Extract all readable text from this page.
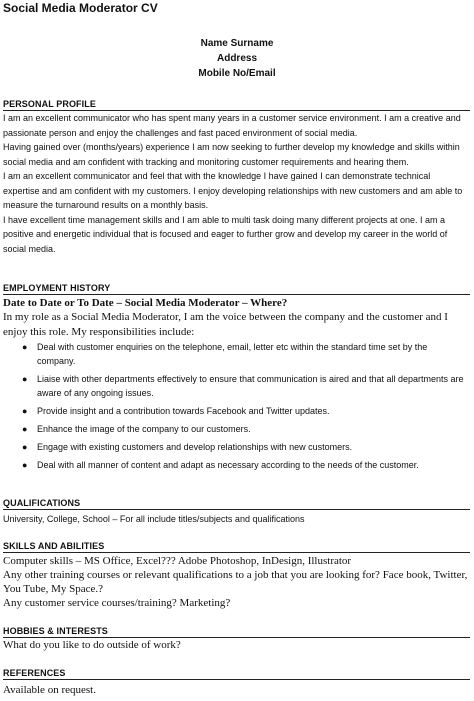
Social Media Moderator CV
Name Surname
Address
Mobile No/Email
PERSONAL PROFILE

I am an excellent communicator who has spent many years in a customer service environment. I am a creative and passionate person and enjoy the challenges and fast paced environment of social media.

Having gained over (months/years) experience I am now seeking to further develop my knowledge and skills within social media and am confident with tracking and monitoring customer requirements and hearing them.

I am an excellent communicator and feel that with the knowledge I have gained I can demonstrate technical expertise and am confident with my customers. I enjoy developing relationships with new customers and am able to measure the turnaround results on a monthly basis.

I have excellent time management skills and I am able to multi task doing many different projects at one. I am a positive and energetic individual that is focused and eager to further grow and develop my career in the world of social media.

EMPLOYMENT HISTORY
Date to Date or To Date – Social Media Moderator – Where?
In my role as a Social Media Moderator, I am the voice between the company and the customer and I enjoy this role. My responsibilities include:
● Deal with customer enquiries on the telephone, email, letter etc within the standard time set by the company.
● Liaise with other departments effectively to ensure that communication is aired and that all departments are aware of any ongoing issues.
● Provide insight and a contribution towards Facebook and Twitter updates.
● Enhance the image of the company to our customers.
● Engage with existing customers and develop relationships with new customers.
● Deal with all manner of content and adapt as necessary according to the needs of the customer.
QUALIFICATIONS
University, College, School – For all include titles/subjects and qualifications
SKILLS AND ABILITIES

Computer skills – MS Office, Excel??? Adobe Photoshop, InDesign, Illustrator

Any other training courses or relevant qualifications to a job that you are looking for? Face book, Twitter, You Tube, My Space.?

Any customer service courses/training? Marketing?

HOBBIES & INTERESTS
What do you like to do outside of work?
REFERENCES
Available on request.
